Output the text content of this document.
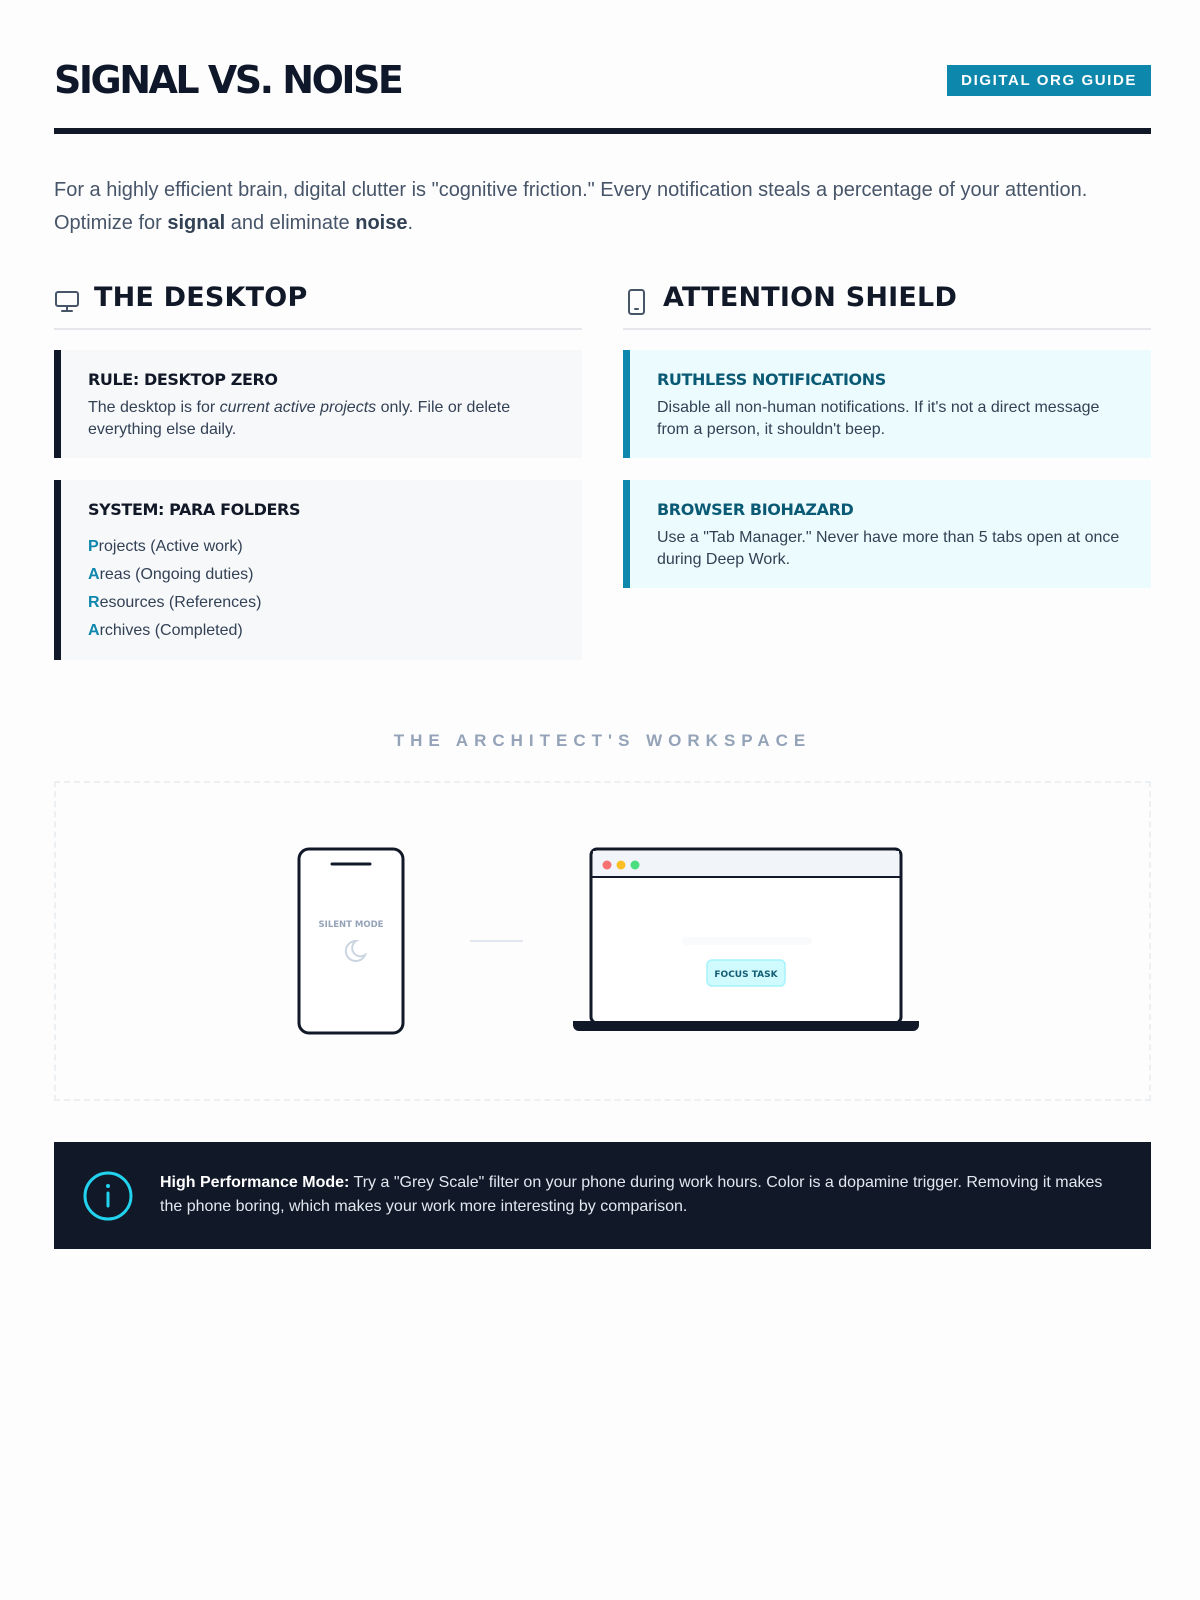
SIGNAL VS. NOISE	DIGITAL ORG GUIDE

For a highly efficient brain, digital clutter is "cognitive friction." Every notification steals a percentage of your attention. Optimize for signal and eliminate noise.

THE DESKTOP
RULE: DESKTOP ZERO

The desktop is for current active projects only. File or delete everything else daily.

SYSTEM: PARA FOLDERS
Projects (Active work)
Areas (Ongoing duties)
Resources (References)
Archives (Completed)
ATTENTION SHIELD
RUTHLESS NOTIFICATIONS

Disable all non-human notifications. If it's not a direct message from a person, it shouldn't beep.

BROWSER BIOHAZARD

Use a "Tab Manager." Never have more than 5 tabs open at once during Deep Work.

THE ARCHITECT'S WORKSPACE
SILENT MODE
FOCUS TASK

High Performance Mode: Try a "Grey Scale" filter on your phone during work hours. Color is a dopamine trigger. Removing it makes the phone boring, which makes your work more interesting by comparison.
